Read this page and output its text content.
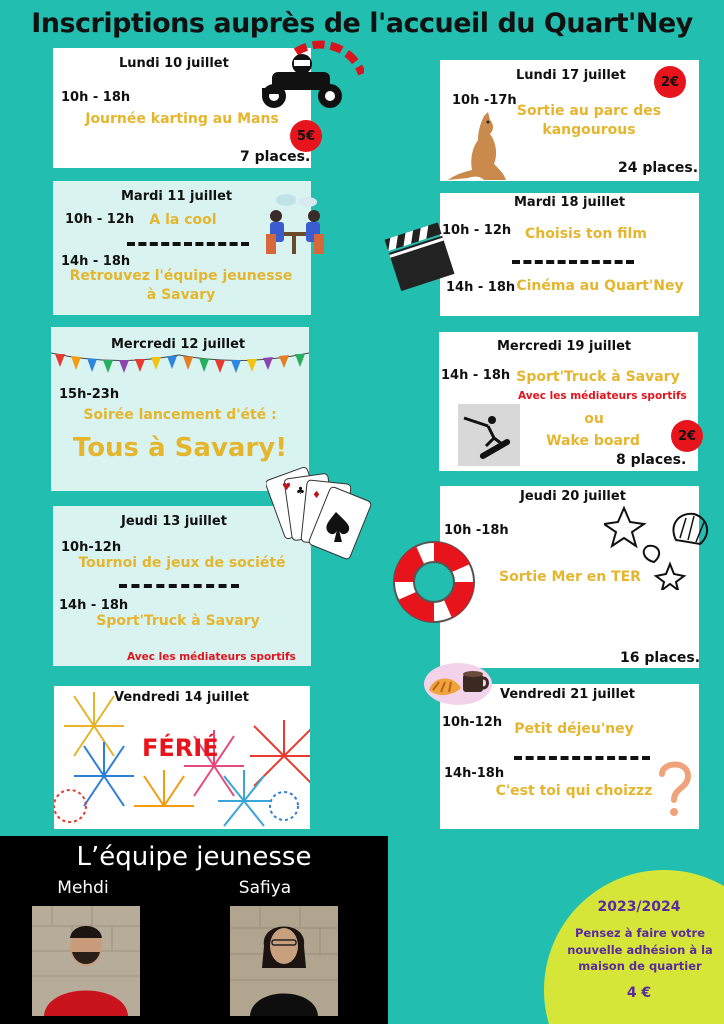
Inscriptions auprès de l'accueil du Quart'Ney
Lundi 10 juillet
10h - 18h
Journée karting au Mans
5€
7 places.
Mardi 11 juillet
10h - 12h	A la cool
14h - 18h
Retrouvez l'équipe jeunesse à Savary
Mercredi 12 juillet
15h-23h
Soirée lancement d'été :
Tous à Savary!
Jeudi 13 juillet
10h-12h
Tournoi de jeux de société
14h - 18h
Sport'Truck à Savary
Avec les médiateurs sportifs
♥ ♣ ♦
Vendredi 14 juillet
FÉRIÉ
Lundi 17 juillet	2€
10h -17h
Sortie au parc des kangourous
24 places.
Mardi 18 juillet
10h - 12h Choisis ton film
14h - 18h Cinéma au Quart'Ney
Mercredi 19 juillet
14h - 18h Sport'Truck à Savary
Avec les médiateurs sportifs
ou
Wake board	2€
8 places.
Jeudi 20 juillet
10h -18h
Sortie Mer en TER
16 places.
Vendredi 21 juillet
10h-12h Petit déjeu'ney
14h-18h
C'est toi qui choizzz
L’équipe jeunesse
Mehdi	Safiya
2023/2024
Pensez à faire votre nouvelle adhésion à la maison de quartier
4 €
